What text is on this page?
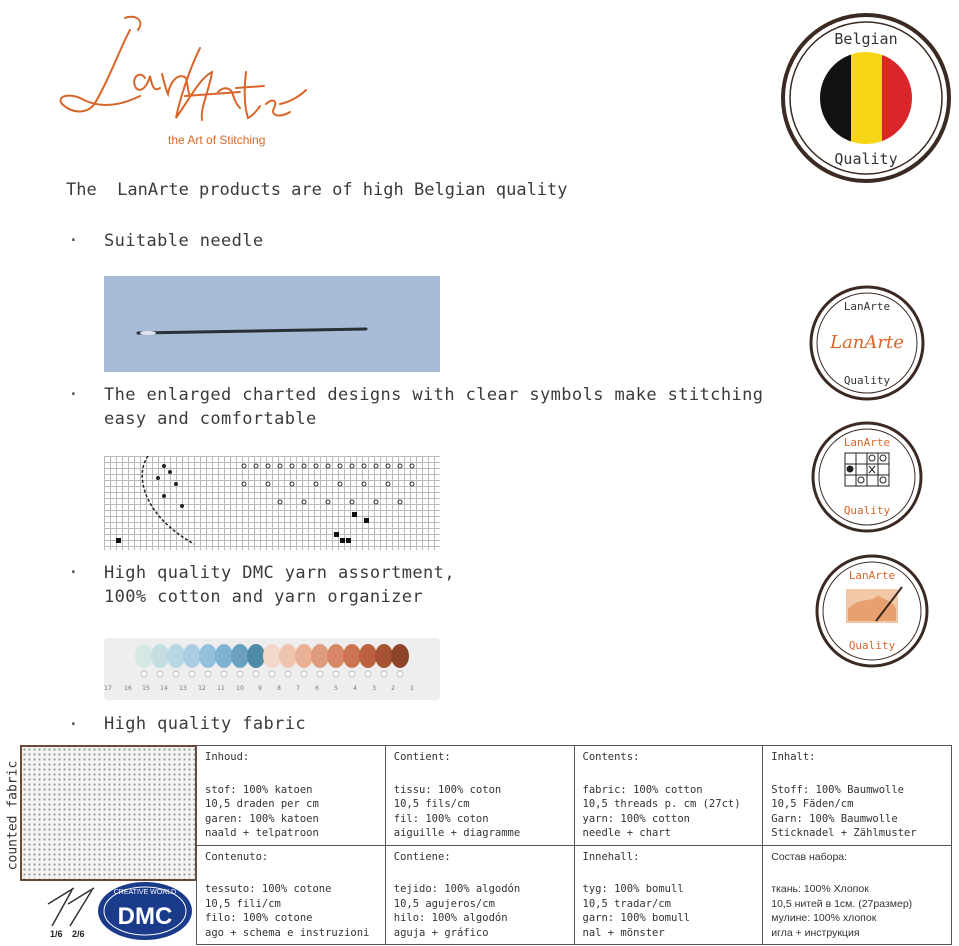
the Art of Stitching
Belgian
Quality
The  LanArte products are of high Belgian quality
· Suitable needle
· The enlarged charted designs with clear symbols make stitching
easy and comfortable
· High quality DMC yarn assortment,
100% cotton and yarn organizer
17 16 15 14 13 12 11 10 9	8	7	6	5	4	3	2	1
· High quality fabric
LanArte
LanArte
Quality
LanArte
Quality
LanArte
Quality
counted fabric
1/6 2/6
CREATIVE WORLD
DMC
Inhoud:
stof: 100% katoen
10,5 draden per cm
garen: 100% katoen
naald + telpatroon	Contient:
tissu: 100% coton
10,5 fils/cm
fil: 100% coton
aiguille + diagramme	Contents:
fabric: 100% cotton
10,5 threads p. cm (27ct)
yarn: 100% cotton
needle + chart	Inhalt:
Stoff: 100% Baumwolle
10,5 Fäden/cm
Garn: 100% Baumwolle
Sticknadel + Zählmuster

Contenuto:
tessuto: 100% cotone
10,5 fili/cm
filo: 100% cotone
ago + schema e instruzioni	Contiene:
tejido: 100% algodón
10,5 agujeros/cm
hilo: 100% algodón
aguja + gráfico	Innehall:
tyg: 100% bomull
10,5 tradar/cm
garn: 100% bomull
nal + mönster	Состав набора:
ткань: 100% Хлопок
10,5 нитей в 1см. (27размер)
мулине: 100% хлопок
игла + инструкция
